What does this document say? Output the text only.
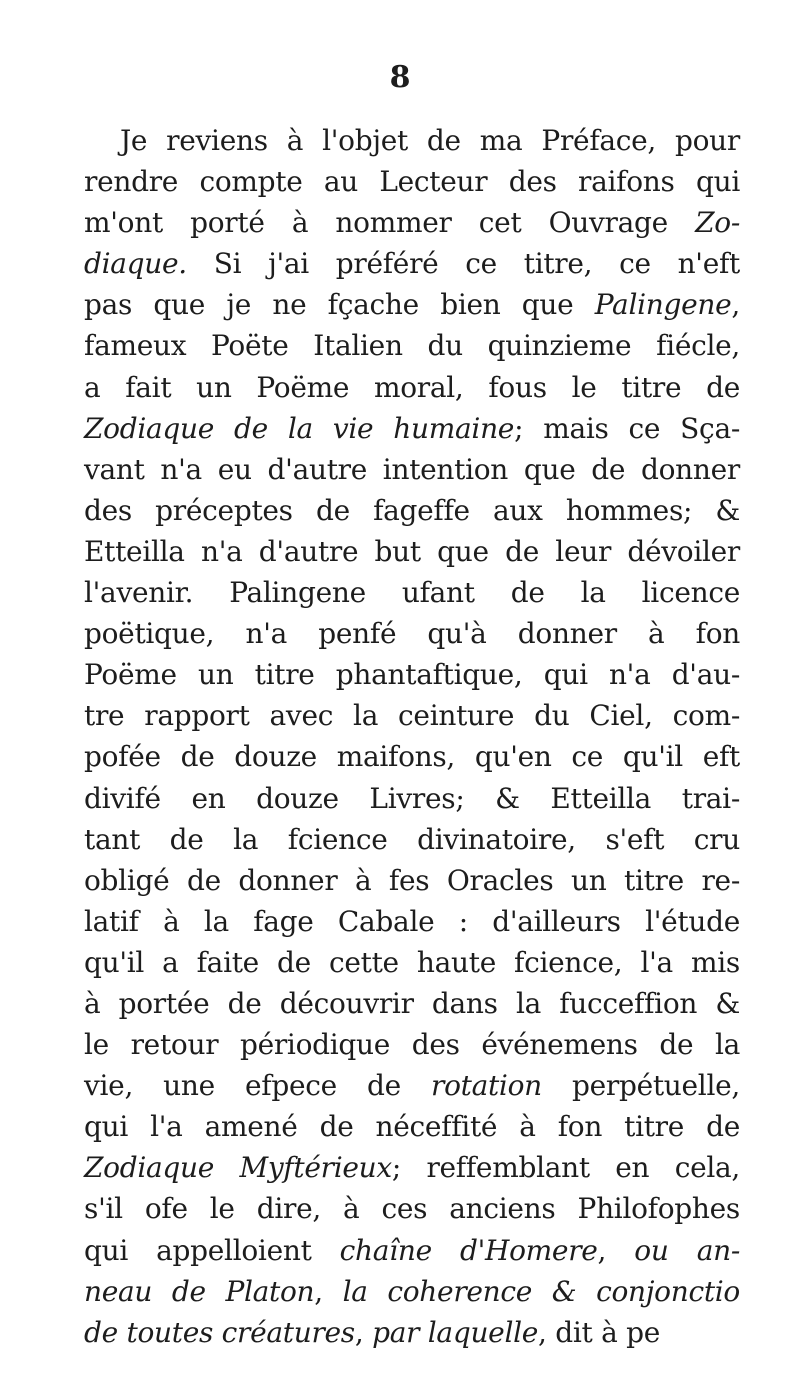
8
Je reviens à l'objet de ma Préface, pour
rendre compte au Lecteur des raifons qui
m'ont porté à nommer cet Ouvrage Zo-
diaque. Si j'ai préféré ce titre, ce n'eft
pas que je ne fçache bien que Palingene,
fameux Poëte Italien du quinzieme fiécle,
a fait un Poëme moral, fous le titre de
Zodiaque de la vie humaine; mais ce Sça-
vant n'a eu d'autre intention que de donner
des préceptes de fageffe aux hommes; &
Etteilla n'a d'autre but que de leur dévoiler
l'avenir. Palingene ufant de la licence
poëtique, n'a penfé qu'à donner à fon
Poëme un titre phantaftique, qui n'a d'au-
tre rapport avec la ceinture du Ciel, com-
pofée de douze maifons, qu'en ce qu'il eft
divifé en douze Livres; & Etteilla trai-
tant de la fcience divinatoire, s'eft cru
obligé de donner à fes Oracles un titre re-
latif à la fage Cabale : d'ailleurs l'étude
qu'il a faite de cette haute fcience, l'a mis
à portée de découvrir dans la fucceffion &
le retour périodique des événemens de la
vie, une efpece de rotation perpétuelle,
qui l'a amené de néceffité à fon titre de
Zodiaque Myftérieux; reffemblant en cela,
s'il ofe le dire, à ces anciens Philofophes
qui appelloient chaîne d'Homere, ou an-
neau de Platon, la coherence & conjonctio
de toutes créatures, par laquelle, dit à pe
